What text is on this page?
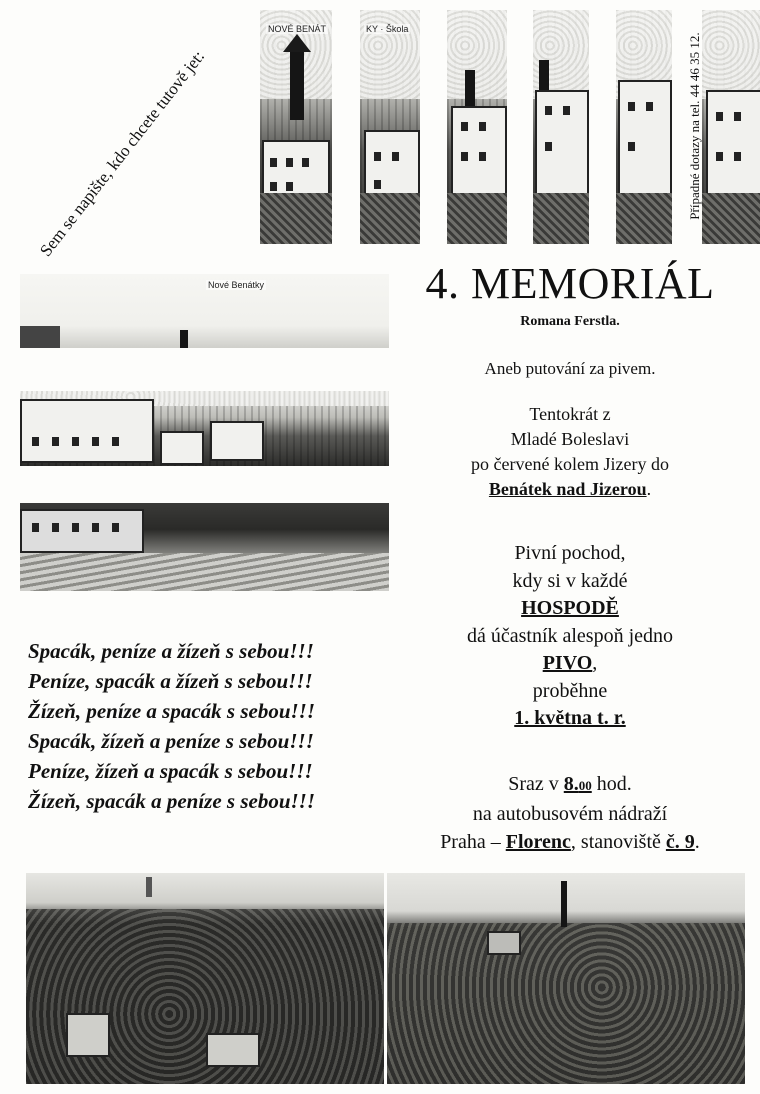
Sem se napište, kdo chcete tutově jet:
NOVÉ BENÁT	KY · Škola
Případné dotazy na tel. 44 46 35 12.
Nové Benátky	4. MEMORIÁL
Romana Ferstla.
Aneb putování za pivem.
Tentokrát z
Mladé Boleslavi
po červené kolem Jizery do
Benátek nad Jizerou.
Pivní pochod,
kdy si v každé
HOSPODĚ
dá účastník alespoň jedno
PIVO,
proběhne
1. května t. r.
Sraz v 8.00 hod.
na autobusovém nádraží
Praha – Florenc, stanoviště č. 9.
Spacák, peníze a žízeň s sebou!!!
Peníze, spacák a žízeň s sebou!!!
Žízeň, peníze a spacák s sebou!!!
Spacák, žízeň a peníze s sebou!!!
Peníze, žízeň a spacák s sebou!!!
Žízeň, spacák a peníze s sebou!!!
